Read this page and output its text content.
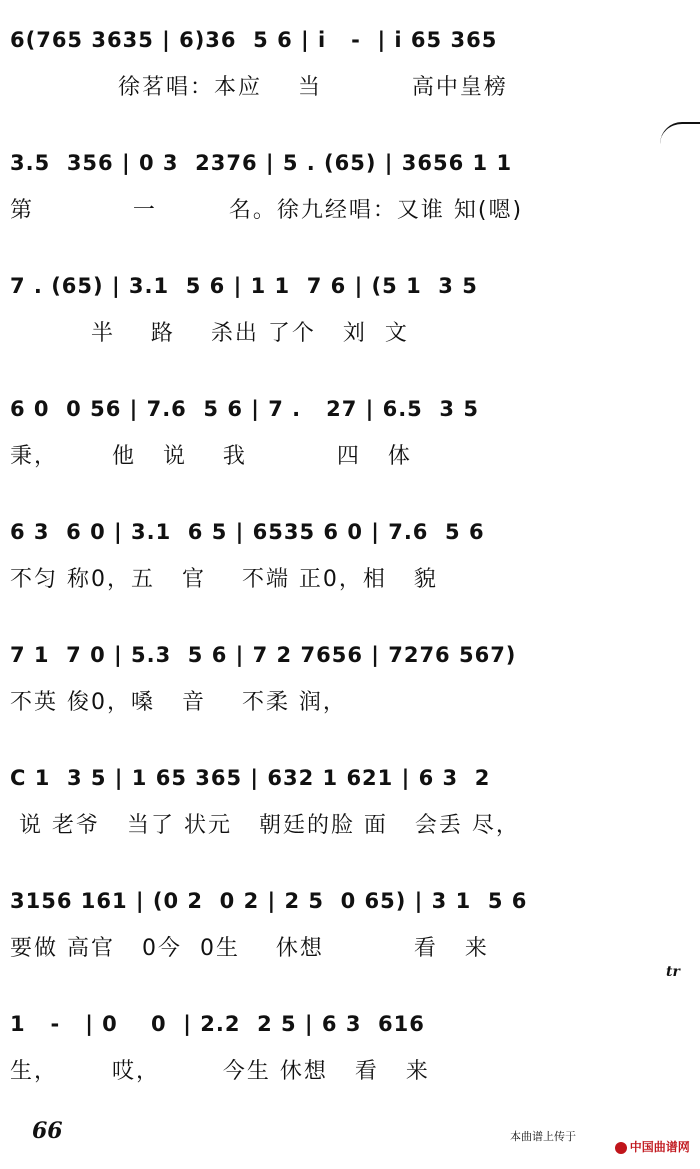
6(765 3635 | 6)36  5 6 | i   -  | i 65 365
徐茗唱：本应    当          高中皇榜
3.5  356 | 0 3  2376 | 5 . (65) | 3656 1 1
第           一        名。徐九经唱：又谁 知(嗯)
7 . (65) | 3.1  5 6 | 1 1  7 6 | (5 1  3 5
半    路    杀出 了个   刘  文
6 0  0 56 | 7.6  5 6 | 7 .   27 | 6.5  3 5
秉，      他   说    我          四   体
6 3  6 0 | 3.1  6 5 | 6535 6 0 | 7.6  5 6
不匀 称0，五   官    不端 正0，相   貌
7 1  7 0 | 5.3  5 6 | 7 2 7656 | 7276 567)
不英 俊0，嗓   音    不柔 润，
C 1  3 5 | 1 65 365 | 632 1 621 | 6 3  2
说 老爷   当了 状元   朝廷的脸 面   会丢 尽，
3156 161 | (0 2  0 2 | 2 5  0 65) | 3 1  5 6
要做 高官   0今  0生    休想          看   来
1   -   | 0    0  | 2.2  2 5 | 6 3  616
生，      哎，       今生 休想   看   来
tr
66	本曲谱上传于

中国曲谱网
